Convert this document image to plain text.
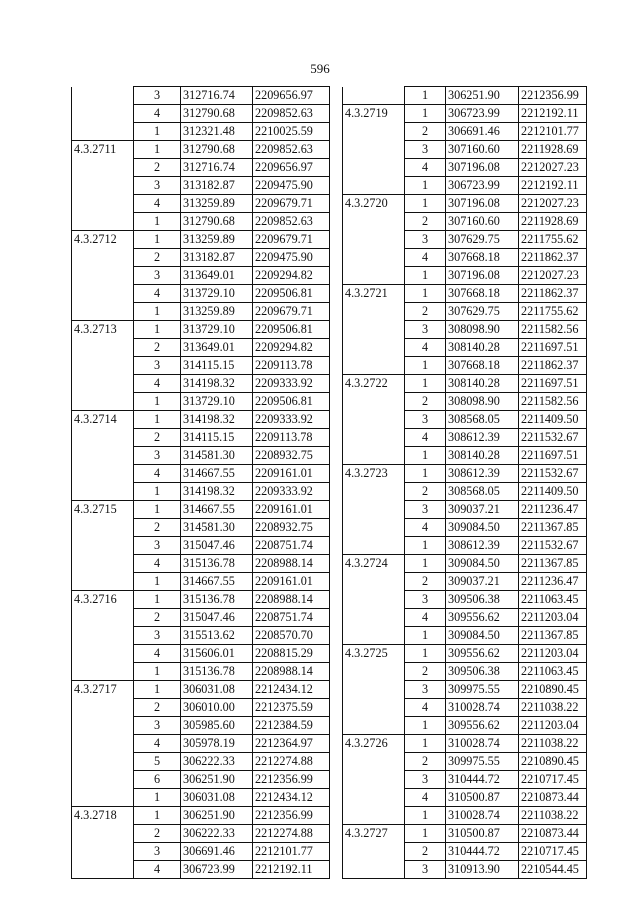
596
	3	312716.74	2209656.97
	4	312790.68	2209852.63
	1	312321.48	2210025.59
4.3.2711	1	312790.68	2209852.63
	2	312716.74	2209656.97
	3	313182.87	2209475.90
	4	313259.89	2209679.71
	1	312790.68	2209852.63
4.3.2712	1	313259.89	2209679.71
	2	313182.87	2209475.90
	3	313649.01	2209294.82
	4	313729.10	2209506.81
	1	313259.89	2209679.71
4.3.2713	1	313729.10	2209506.81
	2	313649.01	2209294.82
	3	314115.15	2209113.78
	4	314198.32	2209333.92
	1	313729.10	2209506.81
4.3.2714	1	314198.32	2209333.92
	2	314115.15	2209113.78
	3	314581.30	2208932.75
	4	314667.55	2209161.01
	1	314198.32	2209333.92
4.3.2715	1	314667.55	2209161.01
	2	314581.30	2208932.75
	3	315047.46	2208751.74
	4	315136.78	2208988.14
	1	314667.55	2209161.01
4.3.2716	1	315136.78	2208988.14
	2	315047.46	2208751.74
	3	315513.62	2208570.70
	4	315606.01	2208815.29
	1	315136.78	2208988.14
4.3.2717	1	306031.08	2212434.12
	2	306010.00	2212375.59
	3	305985.60	2212384.59
	4	305978.19	2212364.97
	5	306222.33	2212274.88
	6	306251.90	2212356.99
	1	306031.08	2212434.12
4.3.2718	1	306251.90	2212356.99
	2	306222.33	2212274.88
	3	306691.46	2212101.77
	4	306723.99	2212192.11
	1	306251.90	2212356.99
4.3.2719	1	306723.99	2212192.11
	2	306691.46	2212101.77
	3	307160.60	2211928.69
	4	307196.08	2212027.23
	1	306723.99	2212192.11
4.3.2720	1	307196.08	2212027.23
	2	307160.60	2211928.69
	3	307629.75	2211755.62
	4	307668.18	2211862.37
	1	307196.08	2212027.23
4.3.2721	1	307668.18	2211862.37
	2	307629.75	2211755.62
	3	308098.90	2211582.56
	4	308140.28	2211697.51
	1	307668.18	2211862.37
4.3.2722	1	308140.28	2211697.51
	2	308098.90	2211582.56
	3	308568.05	2211409.50
	4	308612.39	2211532.67
	1	308140.28	2211697.51
4.3.2723	1	308612.39	2211532.67
	2	308568.05	2211409.50
	3	309037.21	2211236.47
	4	309084.50	2211367.85
	1	308612.39	2211532.67
4.3.2724	1	309084.50	2211367.85
	2	309037.21	2211236.47
	3	309506.38	2211063.45
	4	309556.62	2211203.04
	1	309084.50	2211367.85
4.3.2725	1	309556.62	2211203.04
	2	309506.38	2211063.45
	3	309975.55	2210890.45
	4	310028.74	2211038.22
	1	309556.62	2211203.04
4.3.2726	1	310028.74	2211038.22
	2	309975.55	2210890.45
	3	310444.72	2210717.45
	4	310500.87	2210873.44
	1	310028.74	2211038.22
4.3.2727	1	310500.87	2210873.44
	2	310444.72	2210717.45
	3	310913.90	2210544.45
